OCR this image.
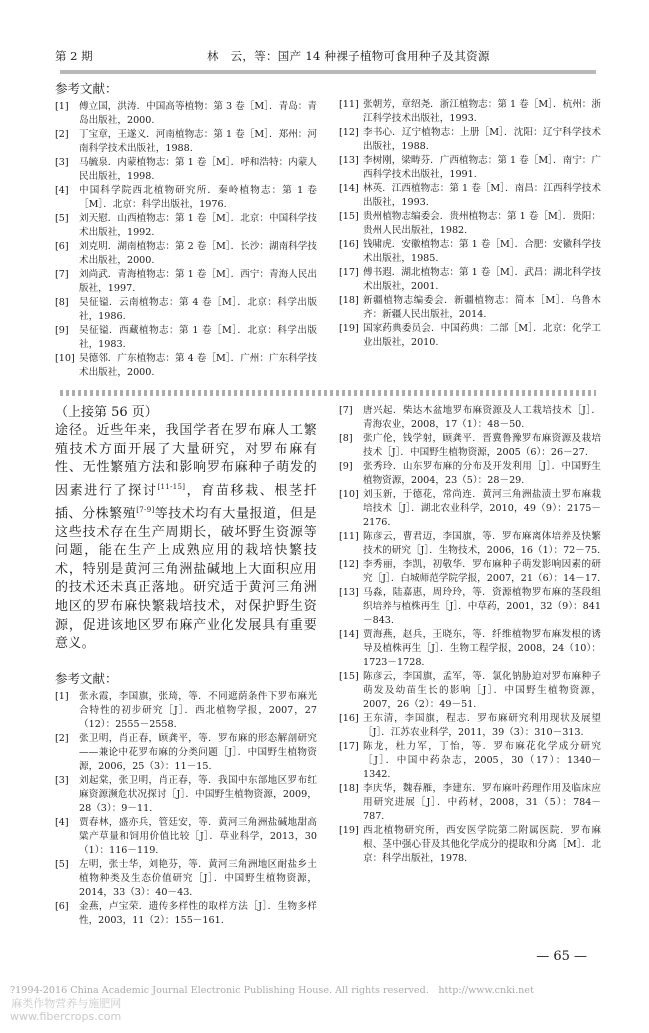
第 2 期	林　云，等：国产 14 种裸子植物可食用种子及其资源
参考文献：
[1]	傅立国，洪涛．中国高等植物：第 3 卷［M］．青岛：青岛出版社，2000.
[2]	丁宝章，王遂义．河南植物志：第 1 卷［M］．郑州：河南科学技术出版社，1988.
[3]	马毓泉．内蒙植物志：第 1 卷［M］．呼和浩特：内蒙人民出版社，1998.
[4]	中国科学院西北植物研究所．秦岭植物志：第 1 卷［M］．北京：科学出版社，1976.
[5]	刘天慰．山西植物志：第 1 卷［M］．北京：中国科学技术出版社，1992.
[6]	刘克明．湖南植物志：第 2 卷［M］．长沙：湖南科学技术出版社，2000.
[7]	刘尚武．青海植物志：第 1 卷［M］．西宁：青海人民出版社，1997.
[8]	吴征镒．云南植物志：第 4 卷［M］．北京：科学出版社，1986.
[9]	吴征镒．西藏植物志：第 1 卷［M］．北京：科学出版社，1983.
[10] 吴德邻．广东植物志：第 4 卷［M］．广州：广东科学技术出版社，2000.
[11] 张朝芳，章绍尧．浙江植物志：第 1 卷［M］．杭州：浙江科学技术出版社，1993.
[12] 李书心．辽宁植物志：上册［M］．沈阳：辽宁科学技术出版社，1988.
[13] 李树刚，梁畴芬．广西植物志：第 1 卷［M］．南宁：广西科学技术出版社，1991.
[14] 林英．江西植物志：第 1 卷［M］．南昌：江西科学技术出版社，1993.
[15] 贵州植物志编委会．贵州植物志：第 1 卷［M］．贵阳：贵州人民出版社，1982.
[16] 钱啸虎．安徽植物志：第 1 卷［M］．合肥：安徽科学技术出版社，1985.
[17] 傅书遐．湖北植物志：第 1 卷［M］．武昌：湖北科学技术出版社，2001.
[18] 新疆植物志编委会．新疆植物志：简本［M］．乌鲁木齐：新疆人民出版社，2014.
[19] 国家药典委员会．中国药典：二部［M］．北京：化学工业出版社，2010.
（上接第 56 页）
途径。近些年来，我国学者在罗布麻人工繁殖技术方面开展了大量研究，对罗布麻有性、无性繁殖方法和影响罗布麻种子萌发的因素进行了探讨[11-15]，育苗移栽、根茎扦插、分株繁殖[7-9]等技术均有大量报道，但是这些技术存在生产周期长，破坏野生资源等问题，能在生产上成熟应用的栽培快繁技术，特别是黄河三角洲盐碱地上大面积应用的技术还未真正落地。研究适于黄河三角洲地区的罗布麻快繁栽培技术，对保护野生资源，促进该地区罗布麻产业化发展具有重要意义。
参考文献：
[1]	张永霞，李国旗，张琦，等．不同遮荫条件下罗布麻光合特性的初步研究［J］．西北植物学报，2007，27（12）：2555－2558.
[2]	张卫明，肖正春，顾龚平，等．罗布麻的形态解剖研究——兼论中花罗布麻的分类问题［J］．中国野生植物资源，2006，25（3）：11－15.
[3]	刘起棠，张卫明，肖正春，等．我国中东部地区罗布红麻资源濒危状况探讨［J］．中国野生植物资源，2009，28（3）：9－11.
[4]	贾春林，盛亦兵，管廷安，等．黄河三角洲盐碱地甜高粱产草量和饲用价值比较［J］．草业科学，2013，30（1）：116－119.
[5]	左明，张士华，刘艳芬，等．黄河三角洲地区耐盐乡土植物种类及生态价值研究［J］．中国野生植物资源，2014，33（3）：40－43.
[6]	金燕，卢宝荣．遗传多样性的取样方法［J］．生物多样性，2003，11（2）：155－161.
[7]	唐兴起．柴达木盆地罗布麻资源及人工栽培技术［J］．青海农业，2008，17（1）：48－50.
[8]	张广伦，钱学射，顾龚平．晋冀鲁豫罗布麻资源及栽培技术［J］．中国野生植物资源，2005（6）：26－27.
[9]	张秀玲．山东罗布麻的分布及开发利用［J］．中国野生植物资源，2004，23（5）：28－29.
[10] 刘玉新，于德花，常尚连．黄河三角洲盐渍土罗布麻栽培技术［J］．湖北农业科学，2010，49（9）：2175－2176.
[11] 陈彦云，曹君迈，李国旗，等．罗布麻离体培养及快繁技术的研究［J］．生物技术，2006，16（1）：72－75.
[12] 李秀丽，李凯，初敬华．罗布麻种子萌发影响因素的研究［J］．白城师范学院学报，2007，21（6）：14－17.
[13] 马淼，陆嘉惠，周玲玲，等．资源植物罗布麻的茎段组织培养与植株再生［J］．中草药，2001，32（9）：841－843.
[14] 贾海燕，赵兵，王晓东，等．纤维植物罗布麻发根的诱导及植株再生［J］．生物工程学报，2008，24（10）：1723－1728.
[15] 陈彦云，李国旗，孟军，等．氯化钠胁迫对罗布麻种子萌发及幼苗生长的影响［J］．中国野生植物资源，2007，26（2）：49－51.
[16] 王东清，李国旗，程志．罗布麻研究利用现状及展望［J］．江苏农业科学，2011，39（3）：310－313.
[17] 陈龙，杜力军，丁怡，等．罗布麻花化学成分研究［J］．中国中药杂志，2005，30（17）：1340－1342.
[18] 李庆华，魏春雁，李建东．罗布麻叶药理作用及临床应用研究进展［J］．中药材，2008，31（5）：784－787.
[19] 西北植物研究所，西安医学院第二附属医院．罗布麻根、茎中强心苷及其他化学成分的提取和分离［M］．北京：科学出版社，1978.
— 65 —
?1994-2016 China Academic Journal Electronic Publishing House. All rights reserved.　http://www.cnki.net
麻类作物营养与施肥网
www.fibercrops.com
